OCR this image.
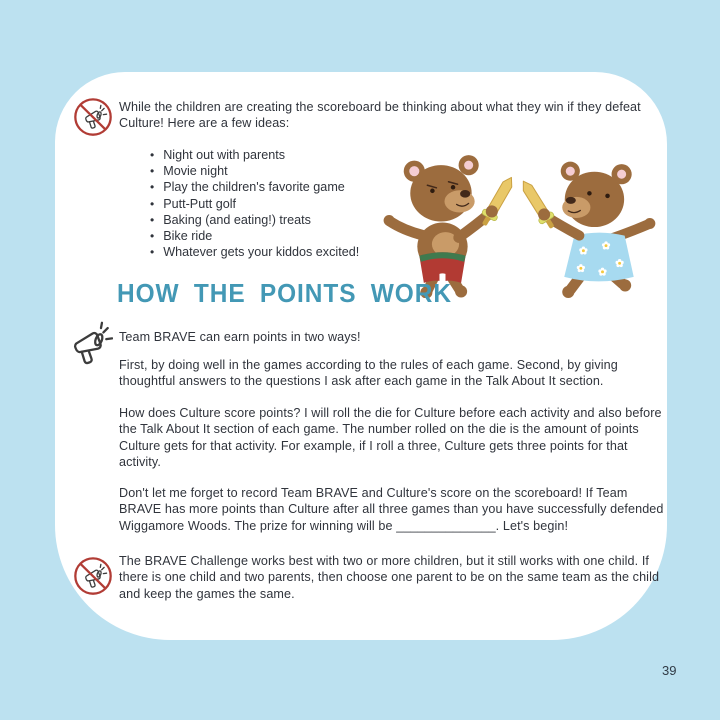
While the children are creating the scoreboard be thinking about what they win if they defeat Culture! Here are a few ideas:
• Night out with parents
• Movie night
• Play the children's favorite game
• Putt-Putt golf
• Baking (and eating!) treats
• Bike ride
• Whatever gets your kiddos excited!
HOW THE POINTS WORK
Team BRAVE can earn points in two ways!
First, by doing well in the games according to the rules of each game. Second, by giving thoughtful answers to the questions I ask after each game in the Talk About It section.
How does Culture score points? I will roll the die for Culture before each activity and also before the Talk About It section of each game. The number rolled on the die is the amount of points Culture gets for that activity. For example, if I roll a three, Culture gets three points for that activity.
Don't let me forget to record Team BRAVE and Culture's score on the scoreboard! If Team BRAVE has more points than Culture after all three games than you have successfully defended Wiggamore Woods. The prize for winning will be ______________. Let's begin!
The BRAVE Challenge works best with two or more children, but it still works with one child. If there is one child and two parents, then choose one parent to be on the same team as the child and keep the games the same.
39
